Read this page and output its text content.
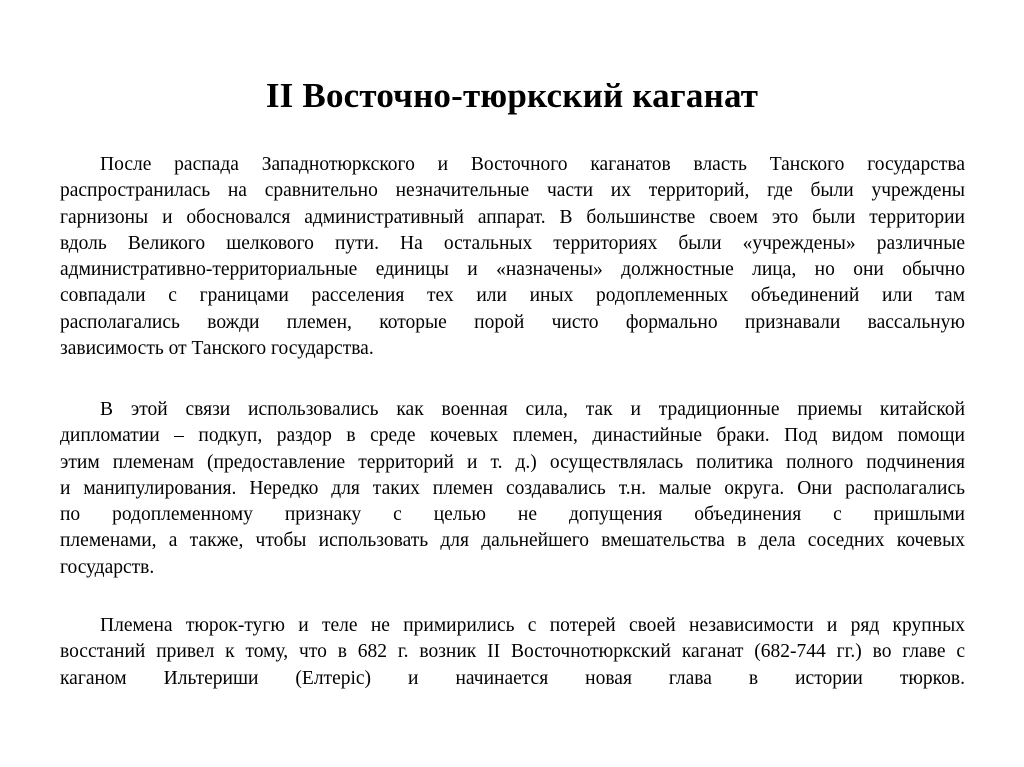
II Восточно-тюркский каганат
После распада Западнотюркского и Восточного каганатов власть Танского государства
распространилась на сравнительно незначительные части их территорий, где были учреждены
гарнизоны и обосновался административный аппарат. В большинстве своем это были территории
вдоль Великого шелкового пути. На остальных территориях были «учреждены» различные
административно-территориальные единицы и «назначены» должностные лица, но они обычно
совпадали с границами расселения тех или иных родоплеменных объединений или там
располагались вожди племен, которые порой чисто формально признавали вассальную
зависимость от Танского государства.
В этой связи использовались как военная сила, так и традиционные приемы китайской
дипломатии – подкуп, раздор в среде кочевых племен, династийные браки. Под видом помощи
этим племенам (предоставление территорий и т. д.) осуществлялась политика полного подчинения
и манипулирования. Нередко для таких племен создавались т.н. малые округа. Они располагались
по родоплеменному признаку с целью не допущения объединения с пришлыми
племенами, а также, чтобы использовать для дальнейшего вмешательства в дела соседних кочевых
государств.
Племена тюрок-тугю и теле не примирились с потерей своей независимости и ряд крупных
восстаний привел к тому, что в 682 г. возник II Восточнотюркский каганат (682-744 гг.) во главе с
каганом Ильтериши (Елтеріс) и начинается новая глава в истории тюрков.
